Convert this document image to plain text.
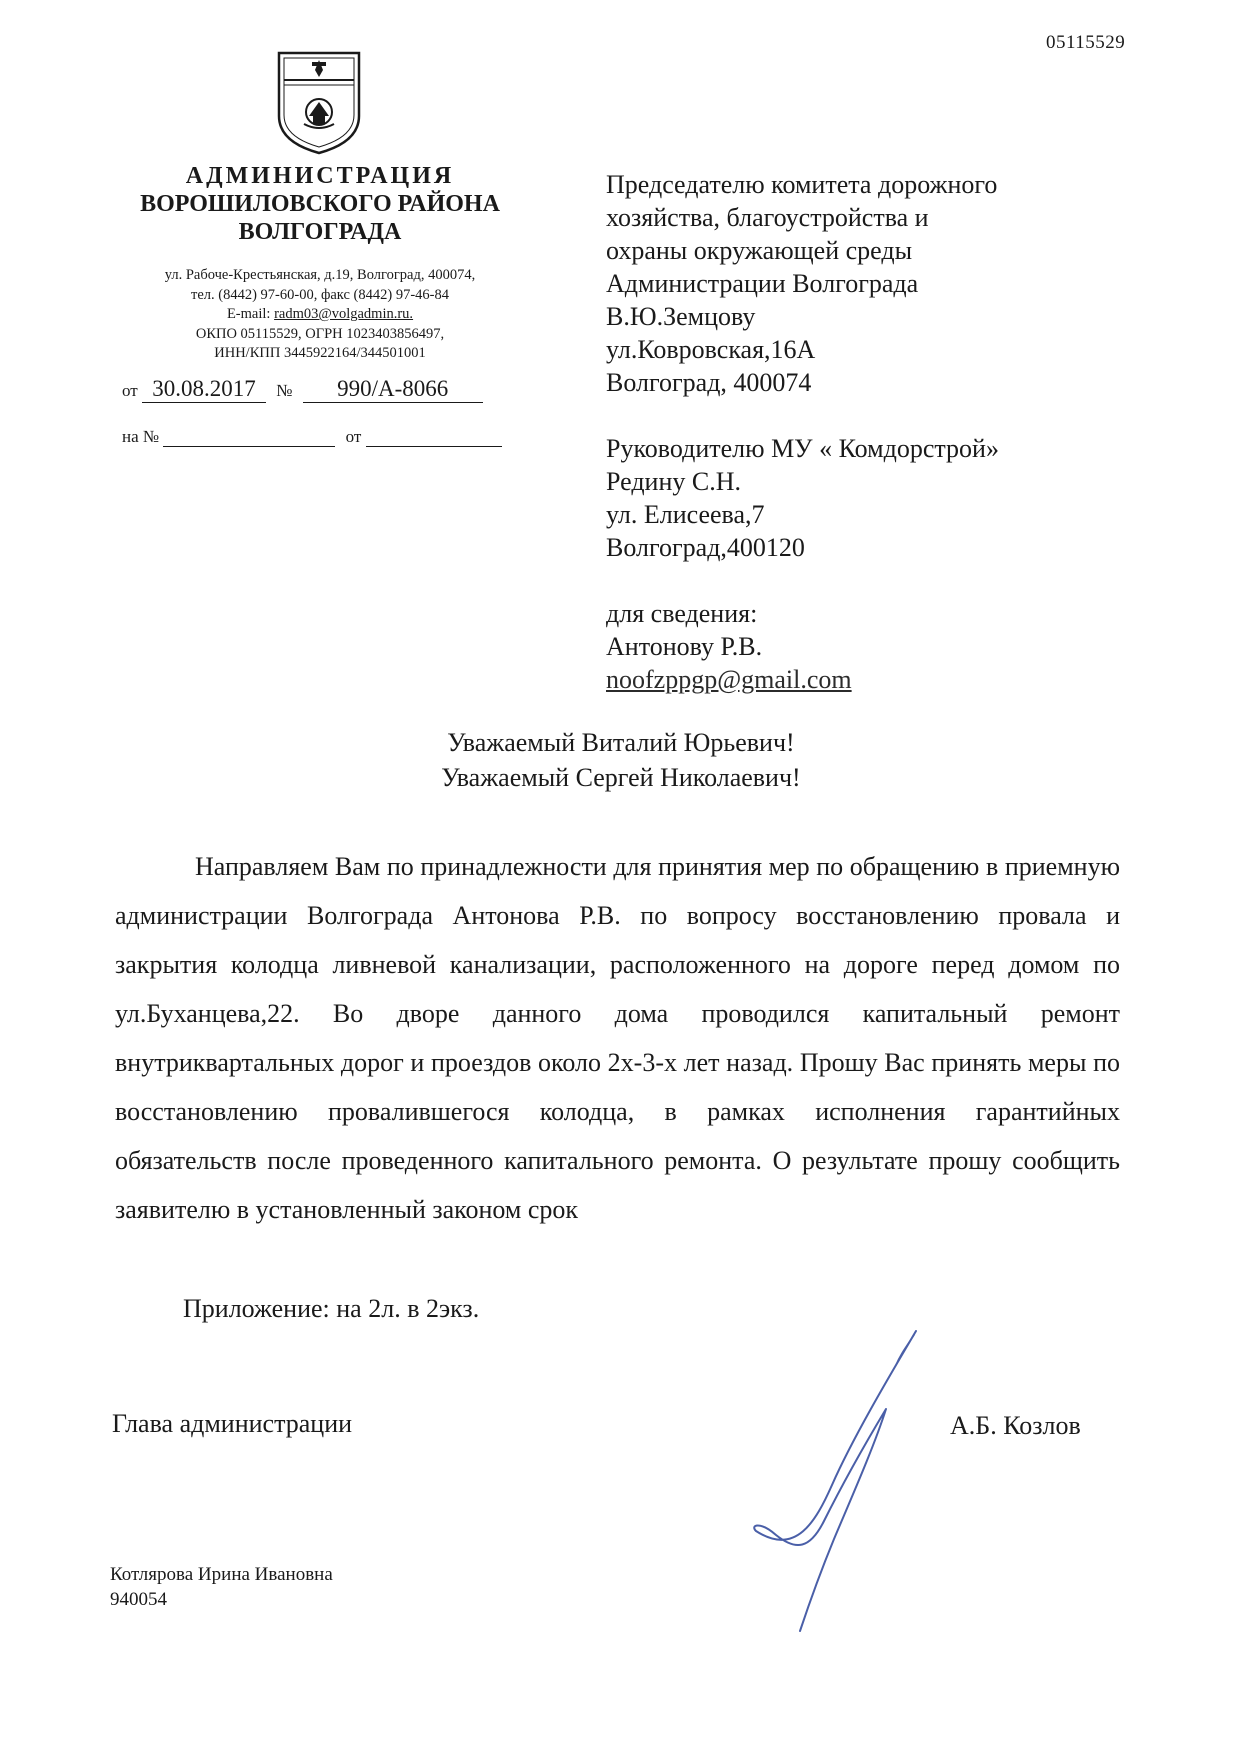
05115529
АДМИНИСТРАЦИЯ
ВОРОШИЛОВСКОГО РАЙОНА
ВОЛГОГРАДА
ул. Рабоче-Крестьянская, д.19, Волгоград, 400074,
тел. (8442) 97-60-00, факс (8442) 97-46-84
E-mail: radm03@volgadmin.ru.
ОКПО 05115529, ОГРН 1023403856497,
ИНН/КПП 3445922164/344501001
от 30.08.2017 № 990/А-8066
на №	от
Председателю комитета дорожного
хозяйства, благоустройства и
охраны окружающей среды
Администрации Волгограда
В.Ю.Земцову
ул.Ковровская,16А
Волгоград, 400074
Руководителю МУ « Комдорстрой»
Редину С.Н.
ул. Елисеева,7
Волгоград,400120
для сведения:
Антонову Р.В.
noofzppgp@gmail.com
Уважаемый Виталий Юрьевич!
Уважаемый Сергей Николаевич!

Направляем Вам по принадлежности для принятия мер по обращению в приемную администрации Волгограда Антонова Р.В. по вопросу восстановлению провала и закрытия колодца ливневой канализации, расположенного на дороге перед домом по ул.Буханцева,22. Во дворе данного дома проводился капитальный ремонт внутриквартальных дорог и проездов около 2х-3-х лет назад. Прошу Вас принять меры по восстановлению провалившегося колодца, в рамках исполнения гарантийных обязательств после проведенного капитального ремонта. О результате прошу сообщить заявителю в установленный законом срок

Приложение: на 2л. в 2экз.
Глава администрации	А.Б. Козлов
Котлярова Ирина Ивановна
940054
